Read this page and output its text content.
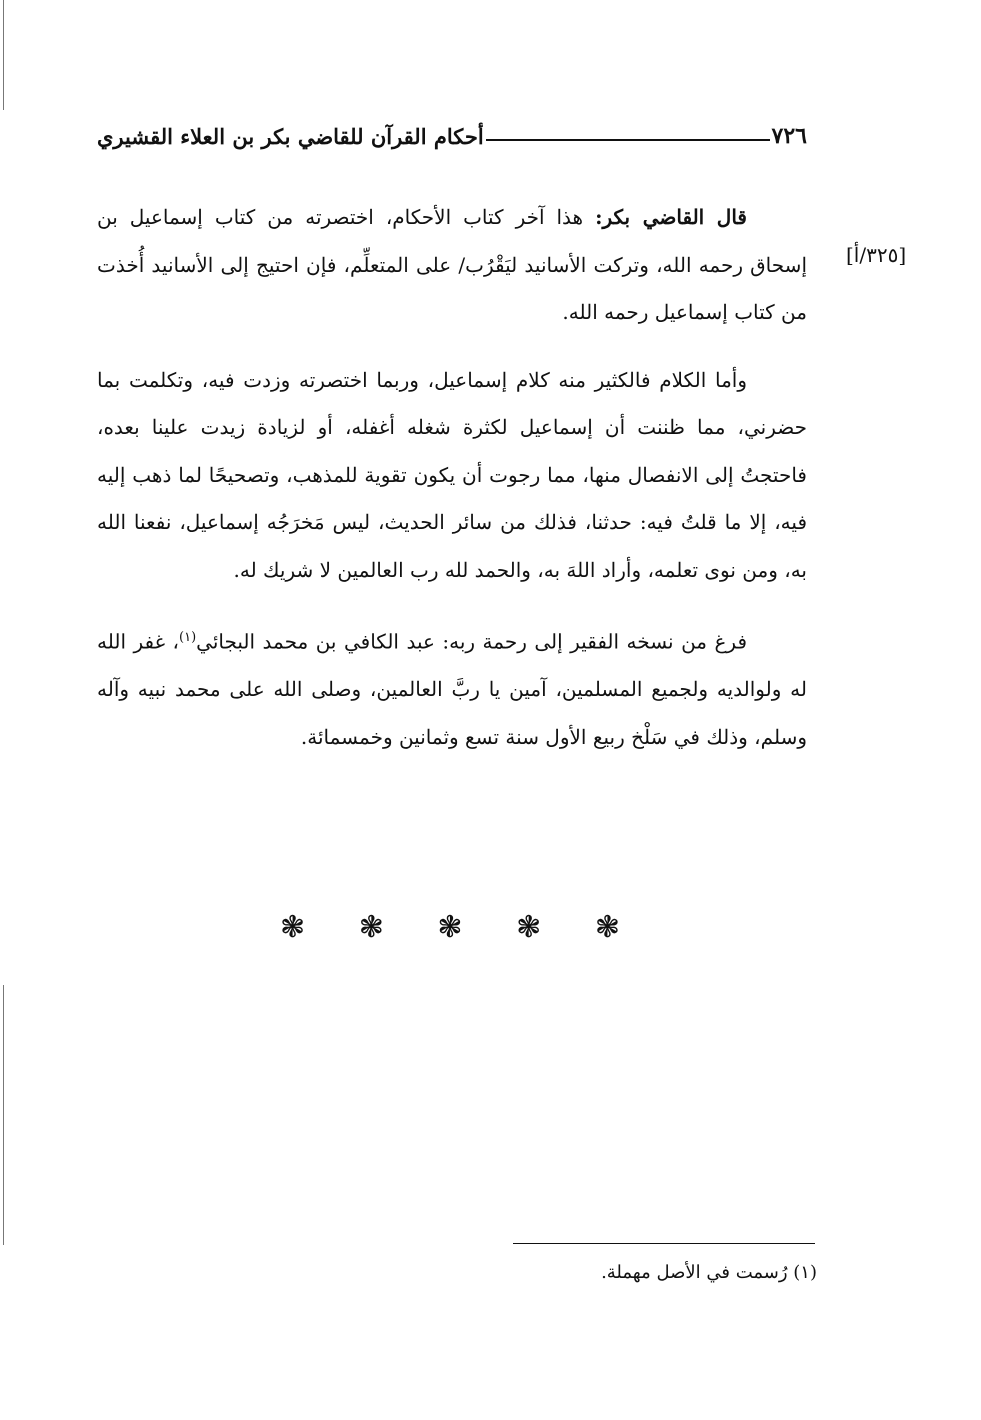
٧٢٦
أحكام القرآن للقاضي بكر بن العلاء القشيري
[٣٢٥/أ]

قال القاضي بكر: هذا آخر كتاب الأحكام، اختصرته من كتاب إسماعيل بن إسحاق رحمه الله، وتركت الأسانيد ليَقْرُب/ على المتعلِّم، فإن احتيج إلى الأسانيد أُخذت من كتاب إسماعيل رحمه الله.

وأما الكلام فالكثير منه كلام إسماعيل، وربما اختصرته وزدت فيه، وتكلمت بما حضرني، مما ظننت أن إسماعيل لكثرة شغله أغفله، أو لزيادة زيدت علينا بعده، فاحتجتُ إلى الانفصال منها، مما رجوت أن يكون تقوية للمذهب، وتصحيحًا لما ذهب إليه فيه، إلا ما قلتُ فيه: حدثنا، فذلك من سائر الحديث، ليس مَخرَجُه إسماعيل، نفعنا الله به، ومن نوى تعلمه، وأراد اللهَ به، والحمد لله رب العالمين لا شريك له.

فرغ من نسخه الفقير إلى رحمة ربه: عبد الكافي بن محمد البجائي$^{(١)}$، غفر الله له ولوالديه ولجميع المسلمين، آمين يا ربَّ العالمين، وصلى الله على محمد نبيه وآله وسلم، وذلك في سَلْخ ربيع الأول سنة تسع وثمانين وخمسمائة.

❃ ❃ ❃ ❃ ❃
(١) رُسمت في الأصل مهملة.
